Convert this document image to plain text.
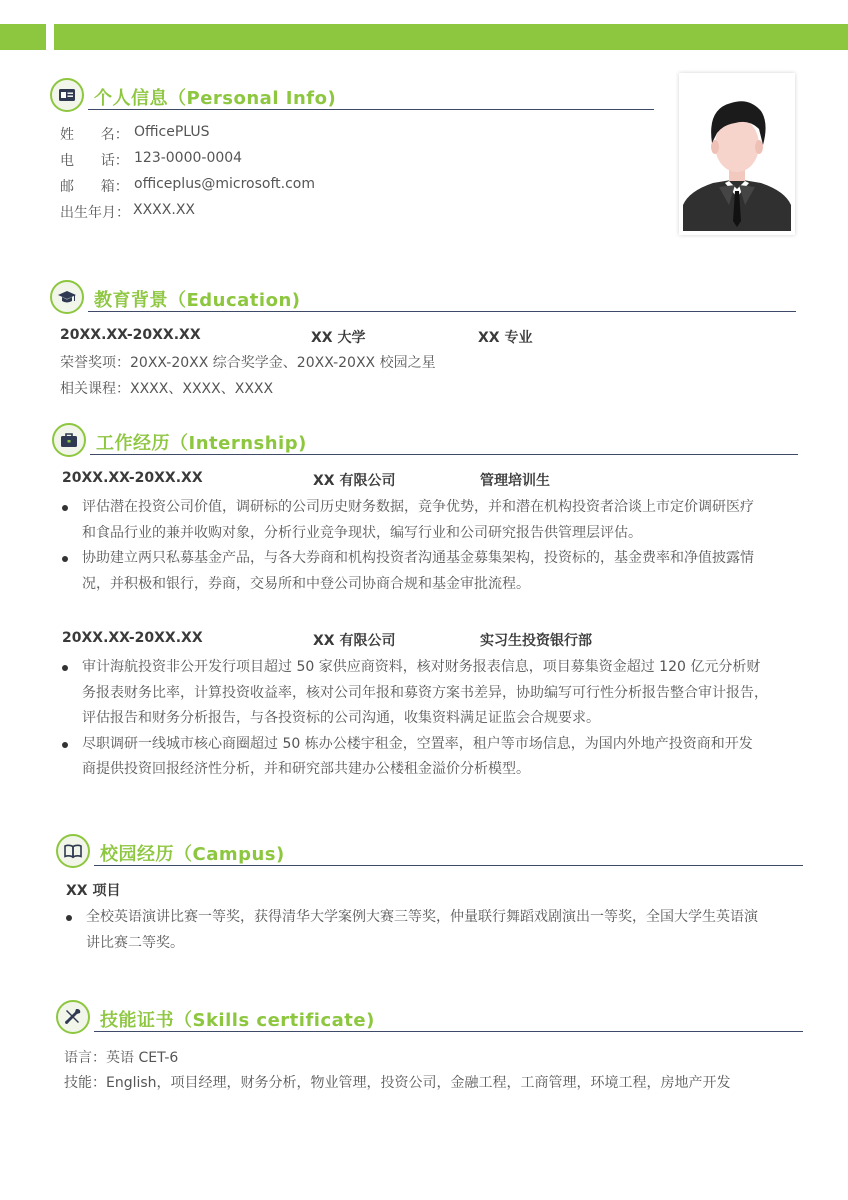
个人信息（Personal Info)
姓      名： OfficePLUS
电      话： 123-0000-0004
邮      箱： officeplus@microsoft.com
出生年月： XXXX.XX
教育背景（Education)
20XX.XX-20XX.XX	XX 大学	XX 专业
荣誉奖项：20XX-20XX 综合奖学金、20XX-20XX 校园之星
相关课程：XXXX、XXXX、XXXX
工作经历（Internship)
20XX.XX-20XX.XX	XX 有限公司	管理培训生
评估潜在投资公司价值，调研标的公司历史财务数据，竞争优势，并和潜在机构投资者洽谈上市定价调研医疗
和食品行业的兼并收购对象，分析行业竞争现状，编写行业和公司研究报告供管理层评估。
协助建立两只私募基金产品，与各大券商和机构投资者沟通基金募集架构，投资标的，基金费率和净值披露情
况，并积极和银行，券商，交易所和中登公司协商合规和基金审批流程。
20XX.XX-20XX.XX	XX 有限公司	实习生投资银行部
审计海航投资非公开发行项目超过 50 家供应商资料，核对财务报表信息，项目募集资金超过 120 亿元分析财
务报表财务比率，计算投资收益率，核对公司年报和募资方案书差异，协助编写可行性分析报告整合审计报告，
评估报告和财务分析报告，与各投资标的公司沟通，收集资料满足证监会合规要求。
尽职调研一线城市核心商圈超过 50 栋办公楼宇租金，空置率，租户等市场信息，为国内外地产投资商和开发
商提供投资回报经济性分析，并和研究部共建办公楼租金溢价分析模型。
校园经历（Campus)
XX 项目
全校英语演讲比赛一等奖，获得清华大学案例大赛三等奖，仲量联行舞蹈戏剧演出一等奖，全国大学生英语演
讲比赛二等奖。
技能证书（Skills certificate)
语言：英语 CET-6
技能：English，项目经理，财务分析，物业管理，投资公司，金融工程，工商管理，环境工程，房地产开发
